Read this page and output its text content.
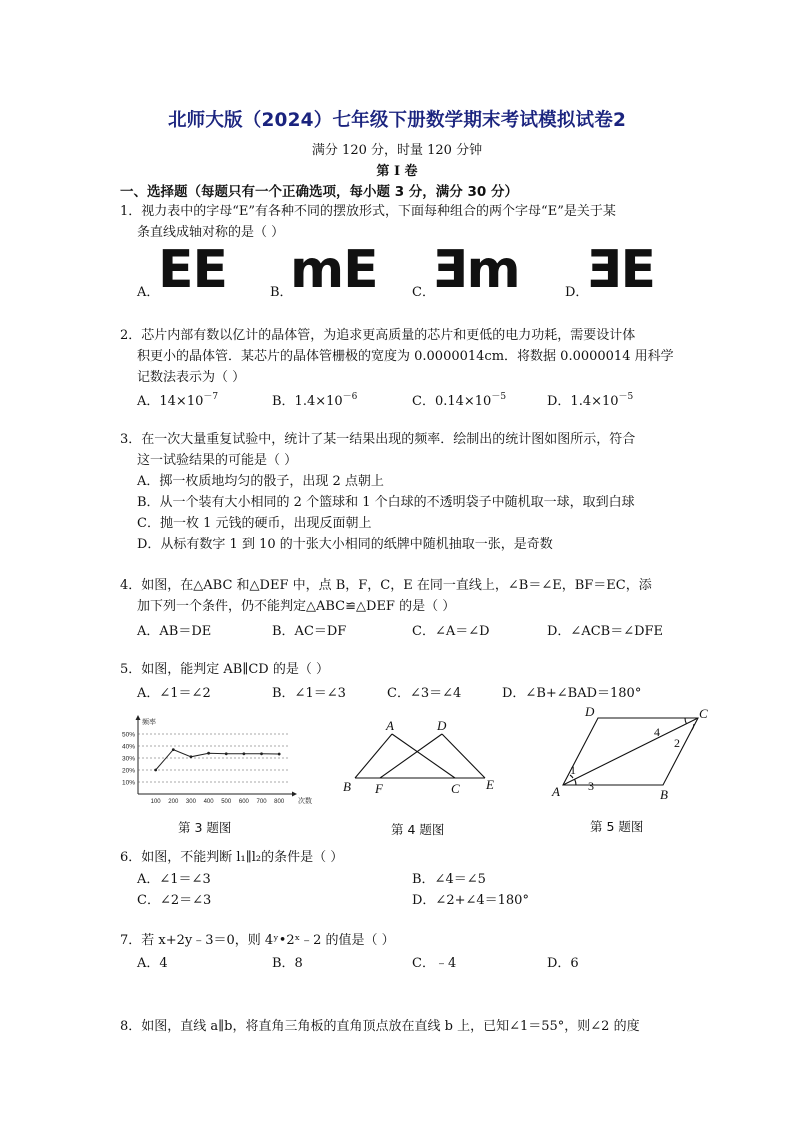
北师大版（2024）七年级下册数学期末考试模拟试卷2
满分 120 分，时量 120 分钟
第 I 卷
一、选择题（每题只有一个正确选项，每小题 3 分，满分 30 分）
1．视力表中的字母“E”有各种不同的摆放形式，下面每种组合的两个字母“E”是关于某
条直线成轴对称的是（ ）
A．
EE	B．
mE	C．
Ǝm	D．
ƎE
2．芯片内部有数以亿计的晶体管，为追求更高质量的芯片和更低的电力功耗，需要设计体
积更小的晶体管．某芯片的晶体管栅极的宽度为 0.0000014cm．将数据 0.0000014 用科学
记数法表示为（ ）
A．$14\times 10^{-7}$	B．$1.4\times 10^{-6}$	C．$0.14\times 10^{-5}$	D．$1.4\times 10^{-5}$
3．在一次大量重复试验中，统计了某一结果出现的频率．绘制出的统计图如图所示，符合
这一试验结果的可能是（ ）
A．掷一枚质地均匀的骰子，出现 2 点朝上
B．从一个装有大小相同的 2 个篮球和 1 个白球的不透明袋子中随机取一球，取到白球
C．抛一枚 1 元钱的硬币，出现反面朝上
D．从标有数字 1 到 10 的十张大小相同的纸牌中随机抽取一张，是奇数
4．如图，在△ABC 和△DEF 中，点 B，F，C，E 在同一直线上，∠B＝∠E，BF＝EC，添
加下列一个条件，仍不能判定△ABC≌△DEF 的是（ ）
A．AB＝DE	B．AC＝DF	C．∠A＝∠D	D．∠ACB＝∠DFE
5．如图，能判定 AB∥CD 的是（ ）
A．∠1＝∠2	B．∠1＝∠3	C．∠3＝∠4	D．∠B+∠BAD＝180°
10%
20%
30%
40%
50%
100 200 300 400 500 600 700 800
频率
次数
第 3 题图
A	D
B F	C E
第 4 题图
D	C
A	B
1
2
3
4
第 5 题图
6．如图，不能判断 l₁∥l₂的条件是（ ）
A．∠1＝∠3	B．∠4＝∠5
C．∠2＝∠3	D．∠2+∠4＝180°
7．若 x+2y﹣3＝0，则 4ʸ•2ˣ﹣2 的值是（ ）
A．4	B．8	C．﹣4	D．6
8．如图，直线 a∥b，将直角三角板的直角顶点放在直线 b 上，已知∠1＝55°，则∠2 的度
